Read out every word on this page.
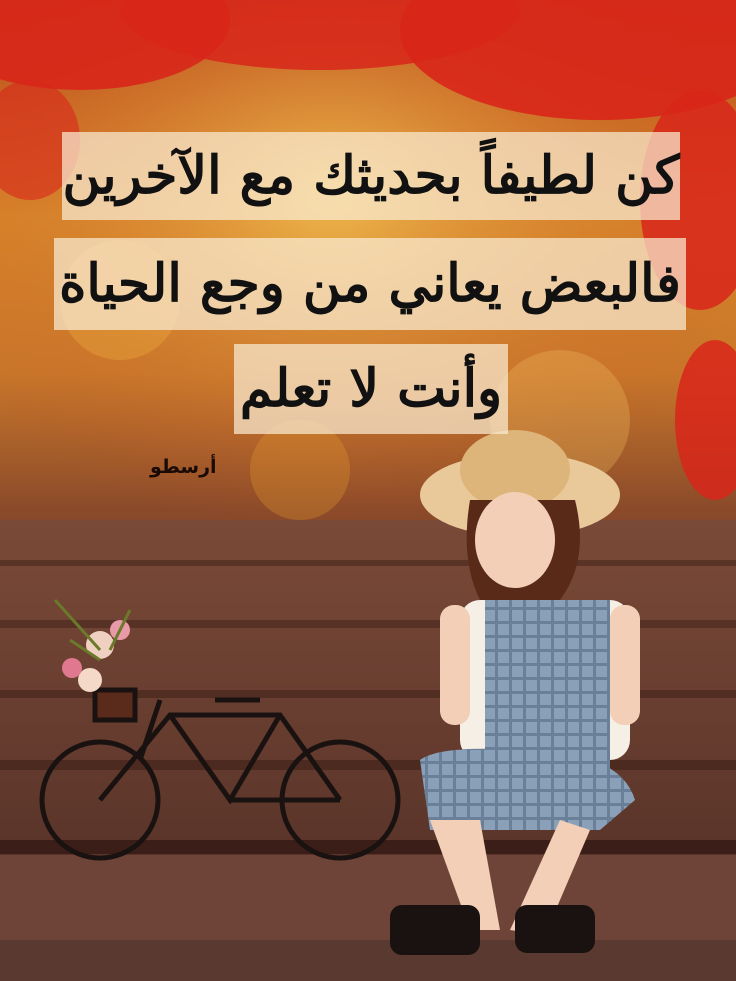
كن لطيفاً بحديثك مع الآخرين
فالبعض يعاني من وجع الحياة
وأنت لا تعلم
أرسطو
